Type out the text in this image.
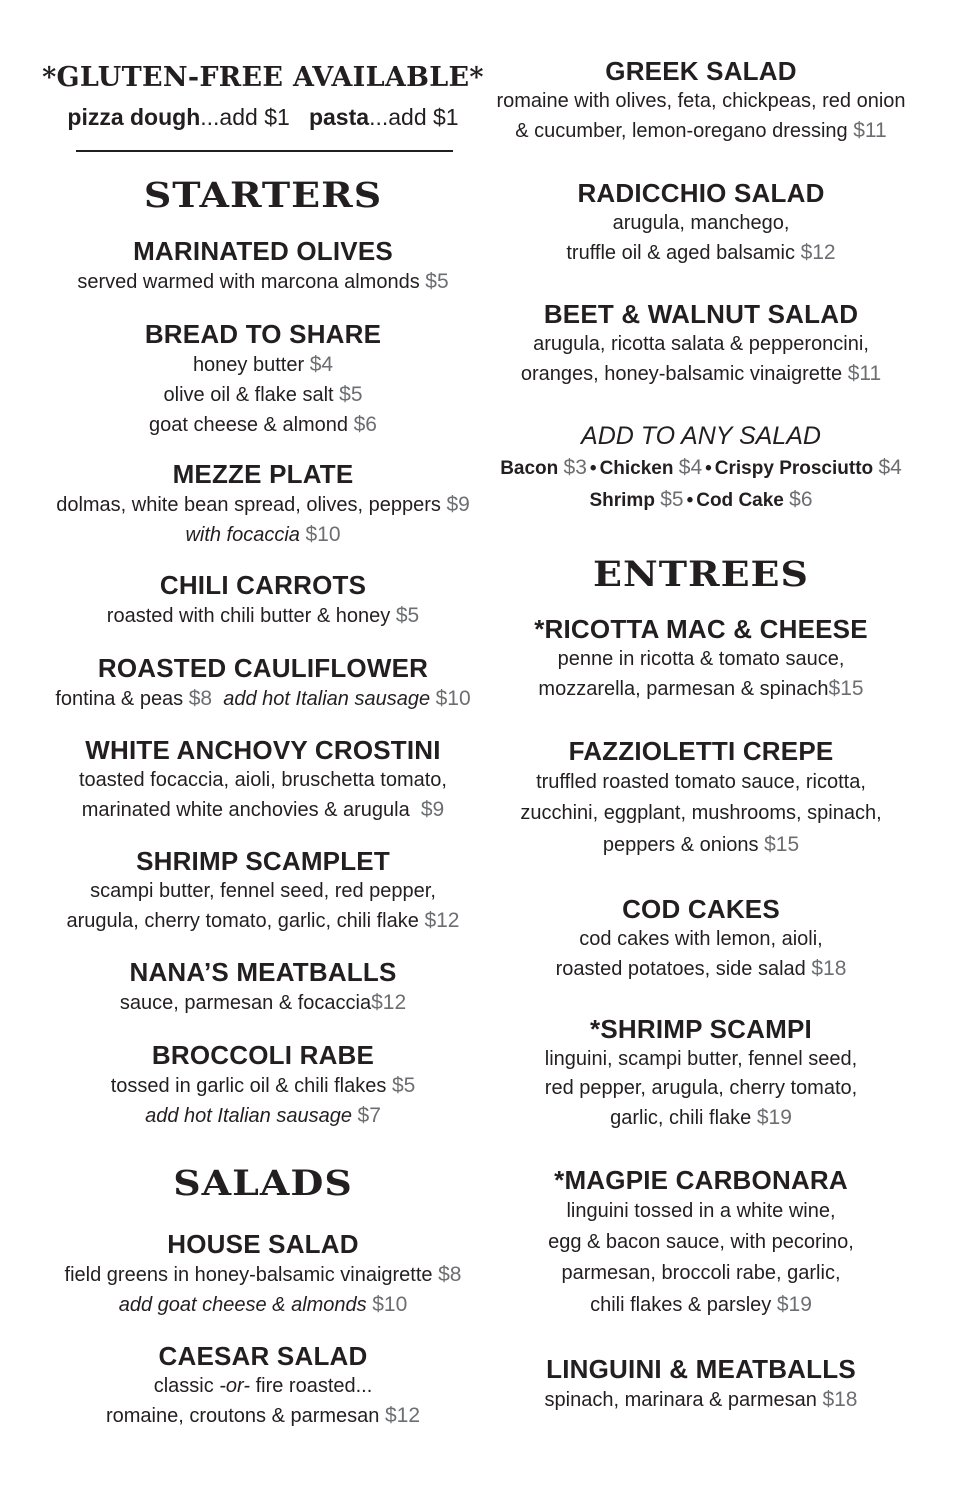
*GLUTEN-FREE AVAILABLE*
pizza dough...add $1 pasta...add $1
STARTERS
MARINATED OLIVES
served warmed with marcona almonds $5
BREAD TO SHARE
honey butter $4
olive oil & flake salt $5
goat cheese & almond $6
MEZZE PLATE
dolmas, white bean spread, olives, peppers $9
with focaccia $10
CHILI CARROTS
roasted with chili butter & honey $5
ROASTED CAULIFLOWER
fontina & peas $8 add hot Italian sausage $10
WHITE ANCHOVY CROSTINI
toasted focaccia, aioli, bruschetta tomato,
marinated white anchovies & arugula $9
SHRIMP SCAMPLET
scampi butter, fennel seed, red pepper,
arugula, cherry tomato, garlic, chili flake $12
NANA’S MEATBALLS
sauce, parmesan & focaccia$12
BROCCOLI RABE
tossed in garlic oil & chili flakes $5
add hot Italian sausage $7
SALADS
HOUSE SALAD
field greens in honey-balsamic vinaigrette $8
add goat cheese & almonds $10
CAESAR SALAD
classic -or- fire roasted...
romaine, croutons & parmesan $12
GREEK SALAD
romaine with olives, feta, chickpeas, red onion
& cucumber, lemon-oregano dressing $11
RADICCHIO SALAD
arugula, manchego,
truffle oil & aged balsamic $12
BEET & WALNUT SALAD
arugula, ricotta salata & pepperoncini,
oranges, honey-balsamic vinaigrette $11
ADD TO ANY SALAD
Bacon $3 • Chicken $4 • Crispy Prosciutto $4
Shrimp $5 • Cod Cake $6
ENTREES
*RICOTTA MAC & CHEESE
penne in ricotta & tomato sauce,
mozzarella, parmesan & spinach$15
FAZZIOLETTI CREPE
truffled roasted tomato sauce, ricotta,
zucchini, eggplant, mushrooms, spinach,
peppers & onions $15
COD CAKES
cod cakes with lemon, aioli,
roasted potatoes, side salad $18
*SHRIMP SCAMPI
linguini, scampi butter, fennel seed,
red pepper, arugula, cherry tomato,
garlic, chili flake $19
*MAGPIE CARBONARA
linguini tossed in a white wine,
egg & bacon sauce, with pecorino,
parmesan, broccoli rabe, garlic,
chili flakes & parsley $19
LINGUINI & MEATBALLS
spinach, marinara & parmesan $18
